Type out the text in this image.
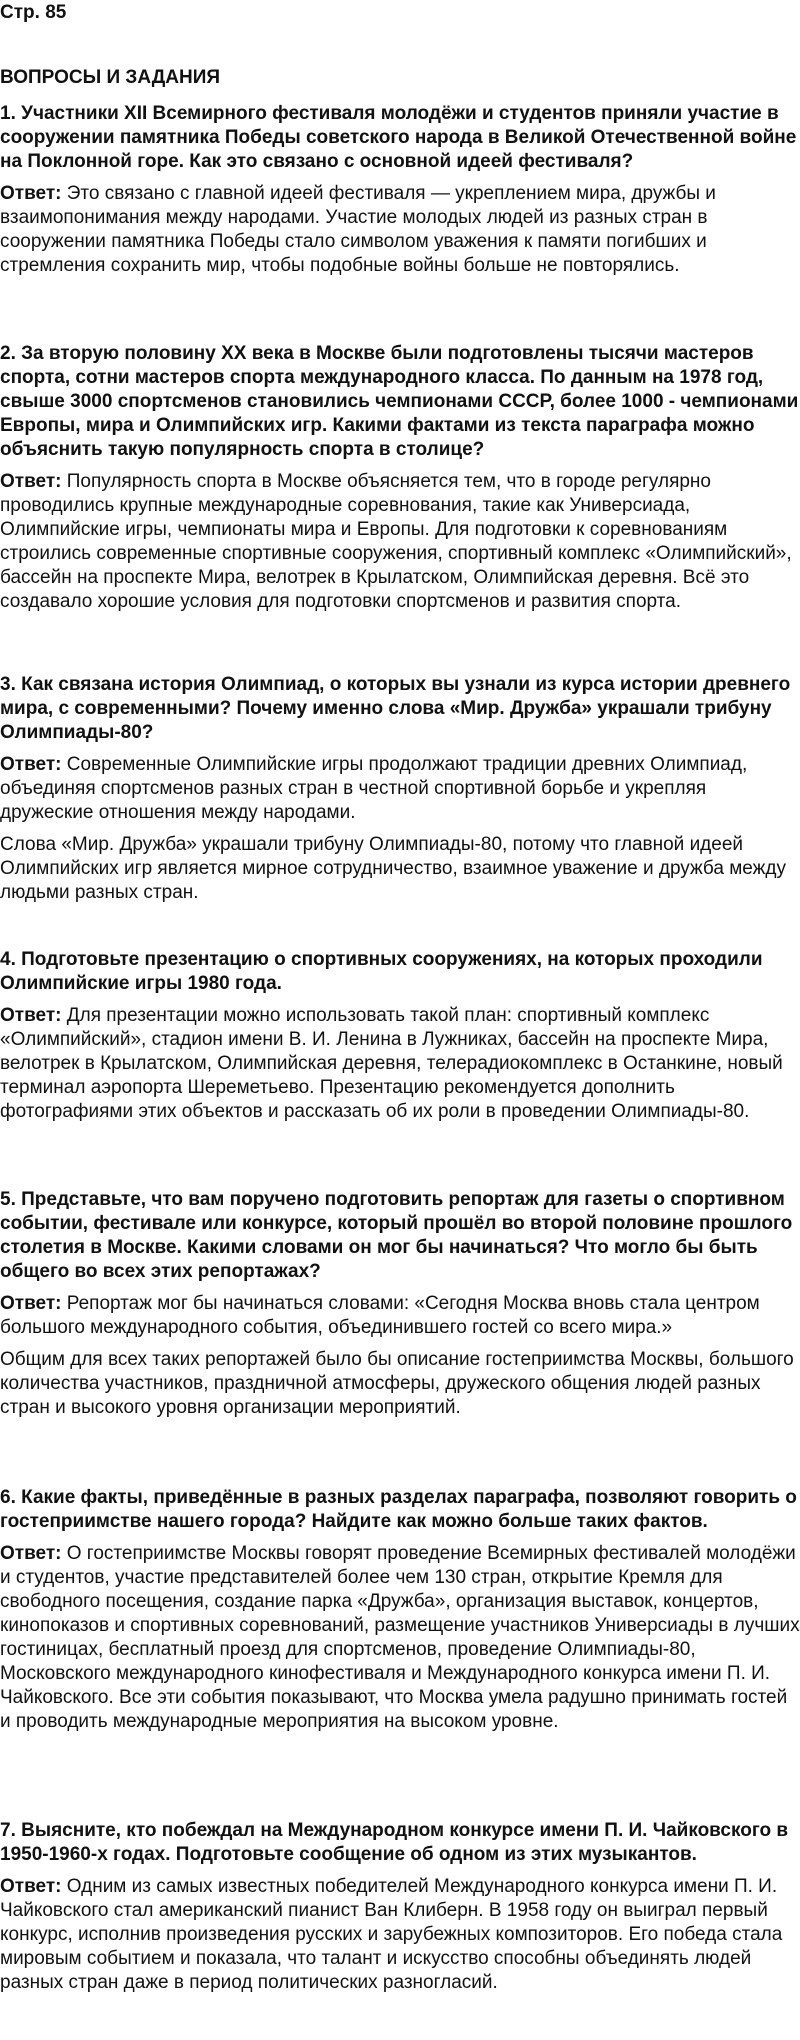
Стр. 85
ВОПРОСЫ И ЗАДАНИЯ

1. Участники XII Всемирного фестиваля молодёжи и студентов приняли участие в сооружении памятника Победы советского народа в Великой Отечественной войне на Поклонной горе. Как это связано с основной идеей фестиваля?

Ответ: Это связано с главной идеей фестиваля — укреплением мира, дружбы и взаимопонимания между народами. Участие молодых людей из разных стран в сооружении памятника Победы стало символом уважения к памяти погибших и стремления сохранить мир, чтобы подобные войны больше не повторялись.

2. За вторую половину XX века в Москве были подготовлены тысячи мастеров спорта, сотни мастеров спорта международного класса. По данным на 1978 год, свыше 3000 спортсменов становились чемпионами СССР, более 1000 - чемпионами Европы, мира и Олимпийских игр. Какими фактами из текста параграфа можно объяснить такую популярность спорта в столице?

Ответ: Популярность спорта в Москве объясняется тем, что в городе регулярно проводились крупные международные соревнования, такие как Универсиада, Олимпийские игры, чемпионаты мира и Европы. Для подготовки к соревнованиям строились современные спортивные сооружения, спортивный комплекс «Олимпийский», бассейн на проспекте Мира, велотрек в Крылатском, Олимпийская деревня. Всё это создавало хорошие условия для подготовки спортсменов и развития спорта.

3. Как связана история Олимпиад, о которых вы узнали из курса истории древнего мира, с современными? Почему именно слова «Мир. Дружба» украшали трибуну Олимпиады-80?

Ответ: Современные Олимпийские игры продолжают традиции древних Олимпиад, объединяя спортсменов разных стран в честной спортивной борьбе и укрепляя дружеские отношения между народами.

Слова «Мир. Дружба» украшали трибуну Олимпиады-80, потому что главной идеей Олимпийских игр является мирное сотрудничество, взаимное уважение и дружба между людьми разных стран.

4. Подготовьте презентацию о спортивных сооружениях, на которых проходили Олимпийские игры 1980 года.

Ответ: Для презентации можно использовать такой план: спортивный комплекс «Олимпийский», стадион имени В. И. Ленина в Лужниках, бассейн на проспекте Мира, велотрек в Крылатском, Олимпийская деревня, телерадиокомплекс в Останкине, новый терминал аэропорта Шереметьево. Презентацию рекомендуется дополнить фотографиями этих объектов и рассказать об их роли в проведении Олимпиады-80.

5. Представьте, что вам поручено подготовить репортаж для газеты о спортивном событии, фестивале или конкурсе, который прошёл во второй половине прошлого столетия в Москве. Какими словами он мог бы начинаться? Что могло бы быть общего во всех этих репортажах?

Ответ: Репортаж мог бы начинаться словами: «Сегодня Москва вновь стала центром большого международного события, объединившего гостей со всего мира.»

Общим для всех таких репортажей было бы описание гостеприимства Москвы, большого количества участников, праздничной атмосферы, дружеского общения людей разных стран и высокого уровня организации мероприятий.

6. Какие факты, приведённые в разных разделах параграфа, позволяют говорить о гостеприимстве нашего города? Найдите как можно больше таких фактов.

Ответ: О гостеприимстве Москвы говорят проведение Всемирных фестивалей молодёжи и студентов, участие представителей более чем 130 стран, открытие Кремля для свободного посещения, создание парка «Дружба», организация выставок, концертов, кинопоказов и спортивных соревнований, размещение участников Универсиады в лучших гостиницах, бесплатный проезд для спортсменов, проведение Олимпиады-80, Московского международного кинофестиваля и Международного конкурса имени П. И. Чайковского. Все эти события показывают, что Москва умела радушно принимать гостей и проводить международные мероприятия на высоком уровне.

7. Выясните, кто побеждал на Международном конкурсе имени П. И. Чайковского в 1950-1960-х годах. Подготовьте сообщение об одном из этих музыкантов.

Ответ: Одним из самых известных победителей Международного конкурса имени П. И. Чайковского стал американский пианист Ван Клиберн. В 1958 году он выиграл первый конкурс, исполнив произведения русских и зарубежных композиторов. Его победа стала мировым событием и показала, что талант и искусство способны объединять людей разных стран даже в период политических разногласий.
